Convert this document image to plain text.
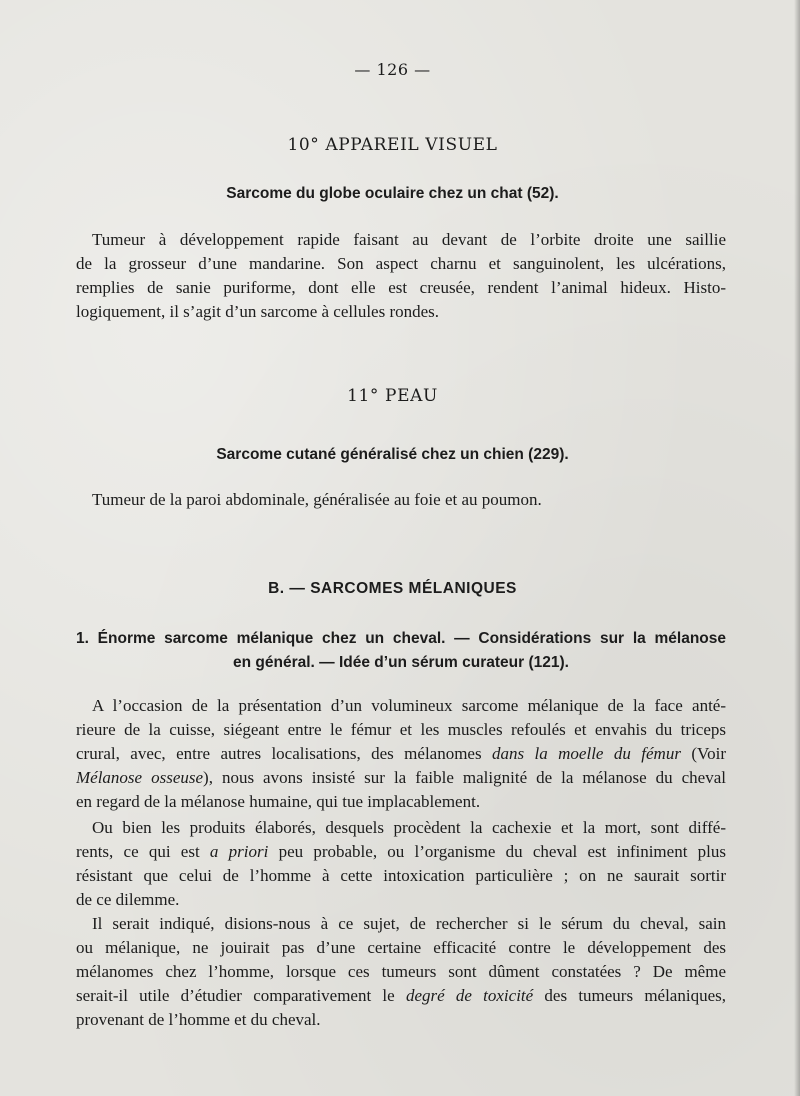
— 126 —
10° APPAREIL VISUEL
Sarcome du globe oculaire chez un chat (52).
Tumeur à développement rapide faisant au devant de l’orbite droite une saillie
de la grosseur d’une mandarine. Son aspect charnu et sanguinolent, les ulcérations,
remplies de sanie puriforme, dont elle est creusée, rendent l’animal hideux. Histo-
logiquement, il s’agit d’un sarcome à cellules rondes.
11° PEAU
Sarcome cutané généralisé chez un chien (229).
Tumeur de la paroi abdominale, généralisée au foie et au poumon.
B. — SARCOMES MÉLANIQUES
1. Énorme sarcome mélanique chez un cheval. — Considérations sur la mélanose
en général. — Idée d’un sérum curateur (121).
A l’occasion de la présentation d’un volumineux sarcome mélanique de la face anté-
rieure de la cuisse, siégeant entre le fémur et les muscles refoulés et envahis du triceps
crural, avec, entre autres localisations, des mélanomes dans la moelle du fémur (Voir
Mélanose osseuse), nous avons insisté sur la faible malignité de la mélanose du cheval
en regard de la mélanose humaine, qui tue implacablement.
Ou bien les produits élaborés, desquels procèdent la cachexie et la mort, sont diffé-
rents, ce qui est a priori peu probable, ou l’organisme du cheval est infiniment plus
résistant que celui de l’homme à cette intoxication particulière ; on ne saurait sortir
de ce dilemme.
Il serait indiqué, disions-nous à ce sujet, de rechercher si le sérum du cheval, sain
ou mélanique, ne jouirait pas d’une certaine efficacité contre le développement des
mélanomes chez l’homme, lorsque ces tumeurs sont dûment constatées ? De même
serait-il utile d’étudier comparativement le degré de toxicité des tumeurs mélaniques,
provenant de l’homme et du cheval.
